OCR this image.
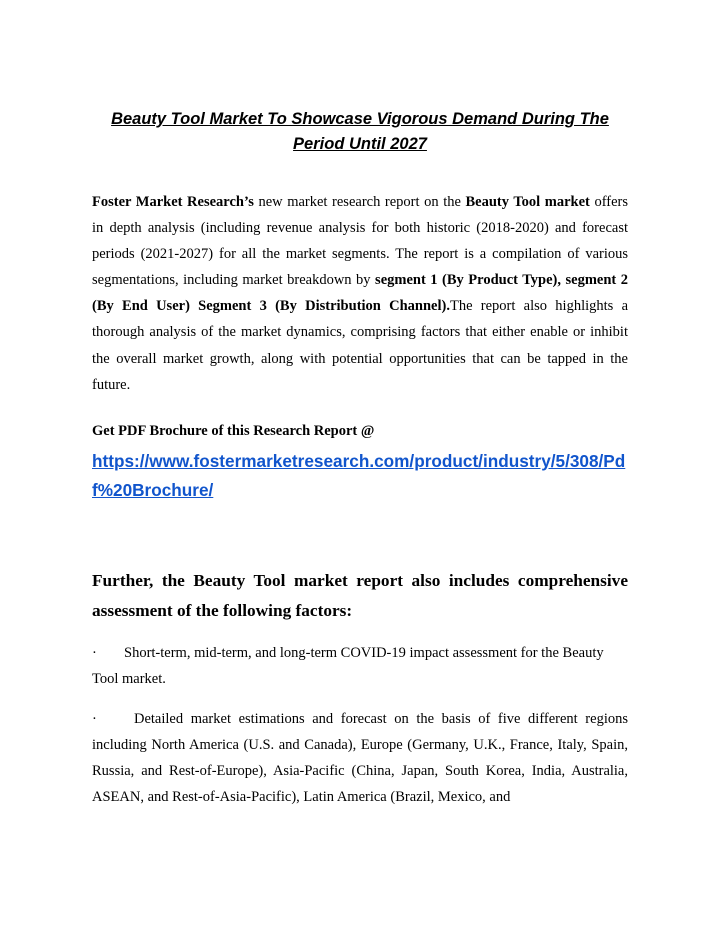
Beauty Tool Market To Showcase Vigorous Demand During The Period Until 2027

Foster Market Research’s new market research report on the Beauty Tool market offers in depth analysis (including revenue analysis for both historic (2018-2020) and forecast periods (2021-2027) for all the market segments. The report is a compilation of various segmentations, including market breakdown by segment 1 (By Product Type), segment 2 (By End User) Segment 3 (By Distribution Channel).The report also highlights a thorough analysis of the market dynamics, comprising factors that either enable or inhibit the overall market growth, along with potential opportunities that can be tapped in the future.

Get PDF Brochure of this Research Report @
https://www.fostermarketresearch.com/product/industry/5/308/Pdf%20Brochure/
Further, the Beauty Tool market report also includes comprehensive assessment of the following factors:

· Short-term, mid-term, and long-term COVID-19 impact assessment for the Beauty Tool market.

·	Detailed market estimations and forecast on the basis of five different regions including North America (U.S. and Canada), Europe (Germany, U.K., France, Italy, Spain, Russia, and Rest-of-Europe), Asia-Pacific (China, Japan, South Korea, India, Australia, ASEAN, and Rest-of-Asia-Pacific), Latin America (Brazil, Mexico, and
